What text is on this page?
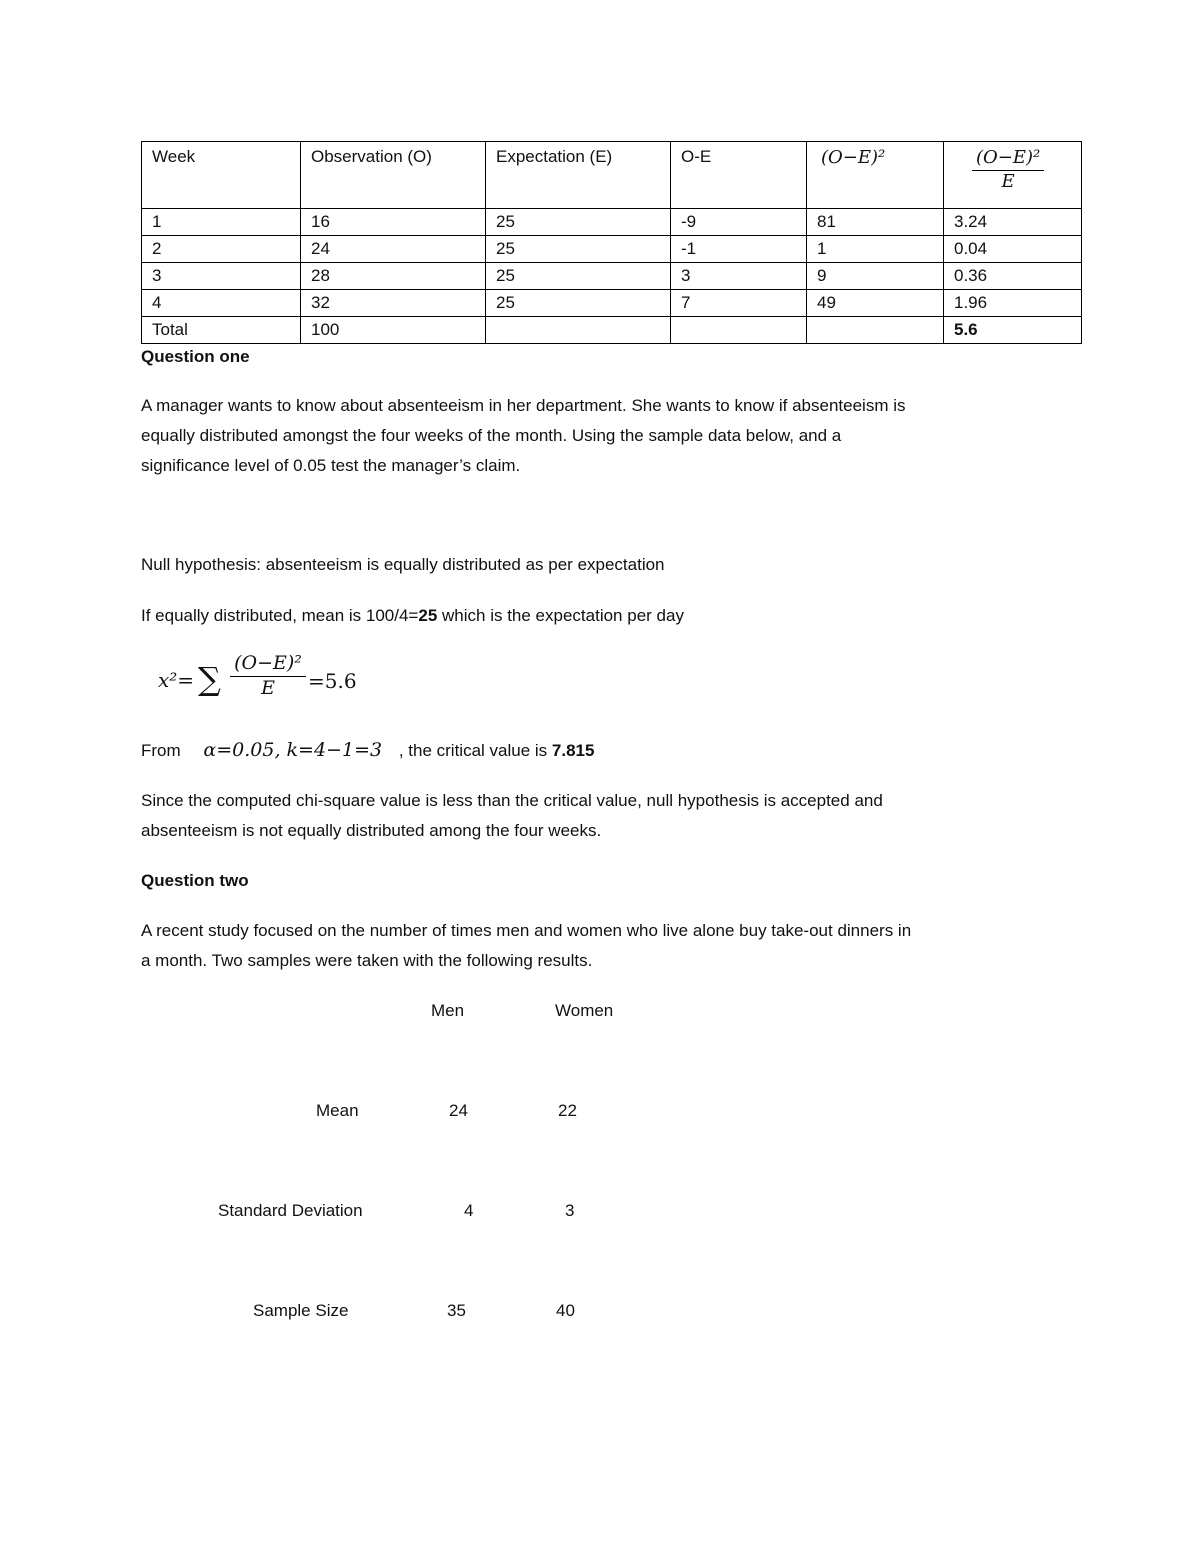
Week	Observation (O)	Expectation (E)	O-E	(O−E)²	$\frac{\text{(O−E)²}}{E}$

1	16	25	-9	81	3.24
2	24	25	-1	1	0.04
3	28	25	3	9	0.36
4	32	25	7	49	1.96
Total	100				5.6
Question one
A manager wants to know about absenteeism in her department. She wants to know if absenteeism is
equally distributed amongst the four weeks of the month. Using the sample data below, and a
significance level of 0.05 test the manager’s claim.
Null hypothesis: absenteeism is equally distributed as per expectation
If equally distributed, mean is 100/4=25 which is the expectation per day
x²= ∑ (O−E)²
E	=5.6
From α=0.05, k=4−1=3 , the critical value is 7.815
Since the computed chi-square value is less than the critical value, null hypothesis is accepted and
absenteeism is not equally distributed among the four weeks.
Question two
A recent study focused on the number of times men and women who live alone buy take-out dinners in
a month. Two samples were taken with the following results.
Men	Women
Mean	24	22
Standard Deviation	4	3
Sample Size	35	40
